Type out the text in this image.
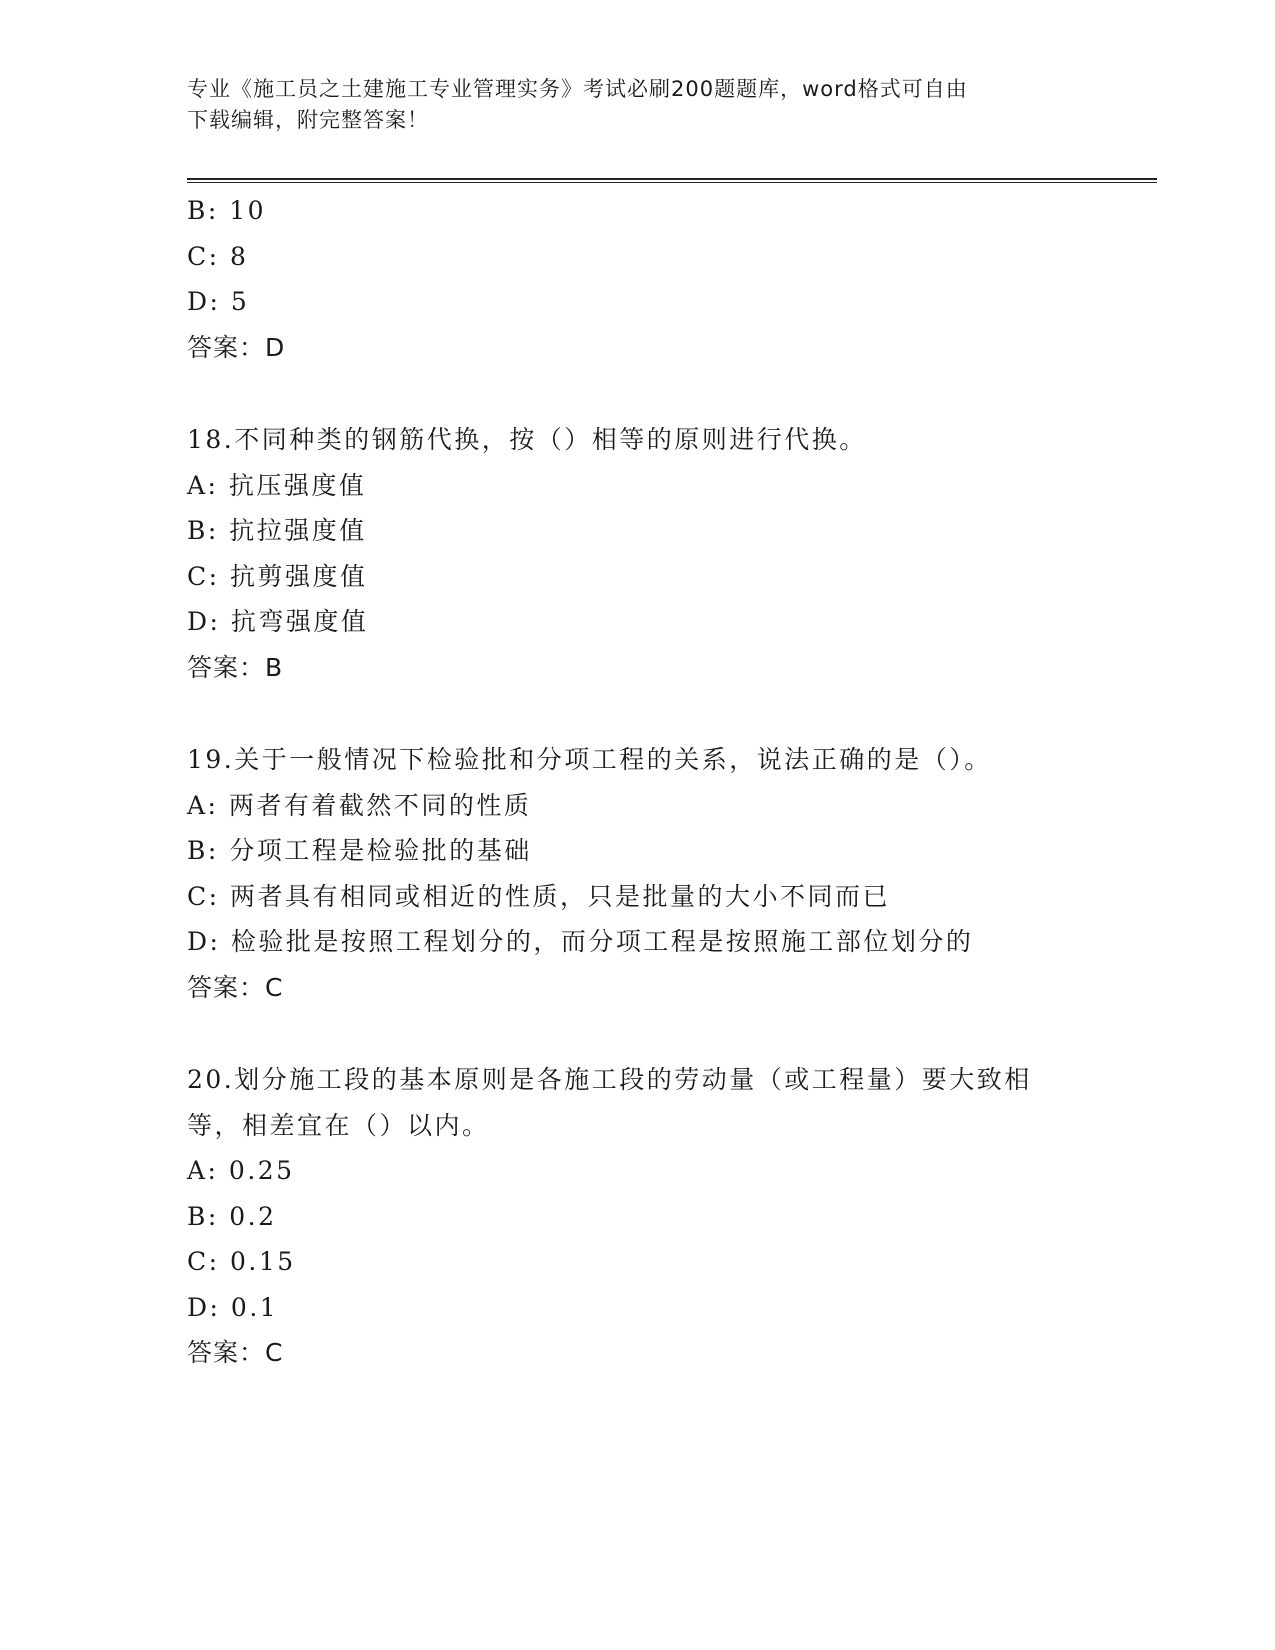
专业《施工员之土建施工专业管理实务》考试必刷200题题库，word格式可自由
下载编辑，附完整答案！
B: 10
C: 8
D: 5
答案：D
18.不同种类的钢筋代换，按（）相等的原则进行代换。
A: 抗压强度值
B: 抗拉强度值
C: 抗剪强度值
D: 抗弯强度值
答案：B
19.关于一般情况下检验批和分项工程的关系，说法正确的是（）。
A: 两者有着截然不同的性质
B: 分项工程是检验批的基础
C: 两者具有相同或相近的性质，只是批量的大小不同而已
D: 检验批是按照工程划分的，而分项工程是按照施工部位划分的
答案：C
20.划分施工段的基本原则是各施工段的劳动量（或工程量）要大致相
等，相差宜在（）以内。
A: 0.25
B: 0.2
C: 0.15
D: 0.1
答案：C
